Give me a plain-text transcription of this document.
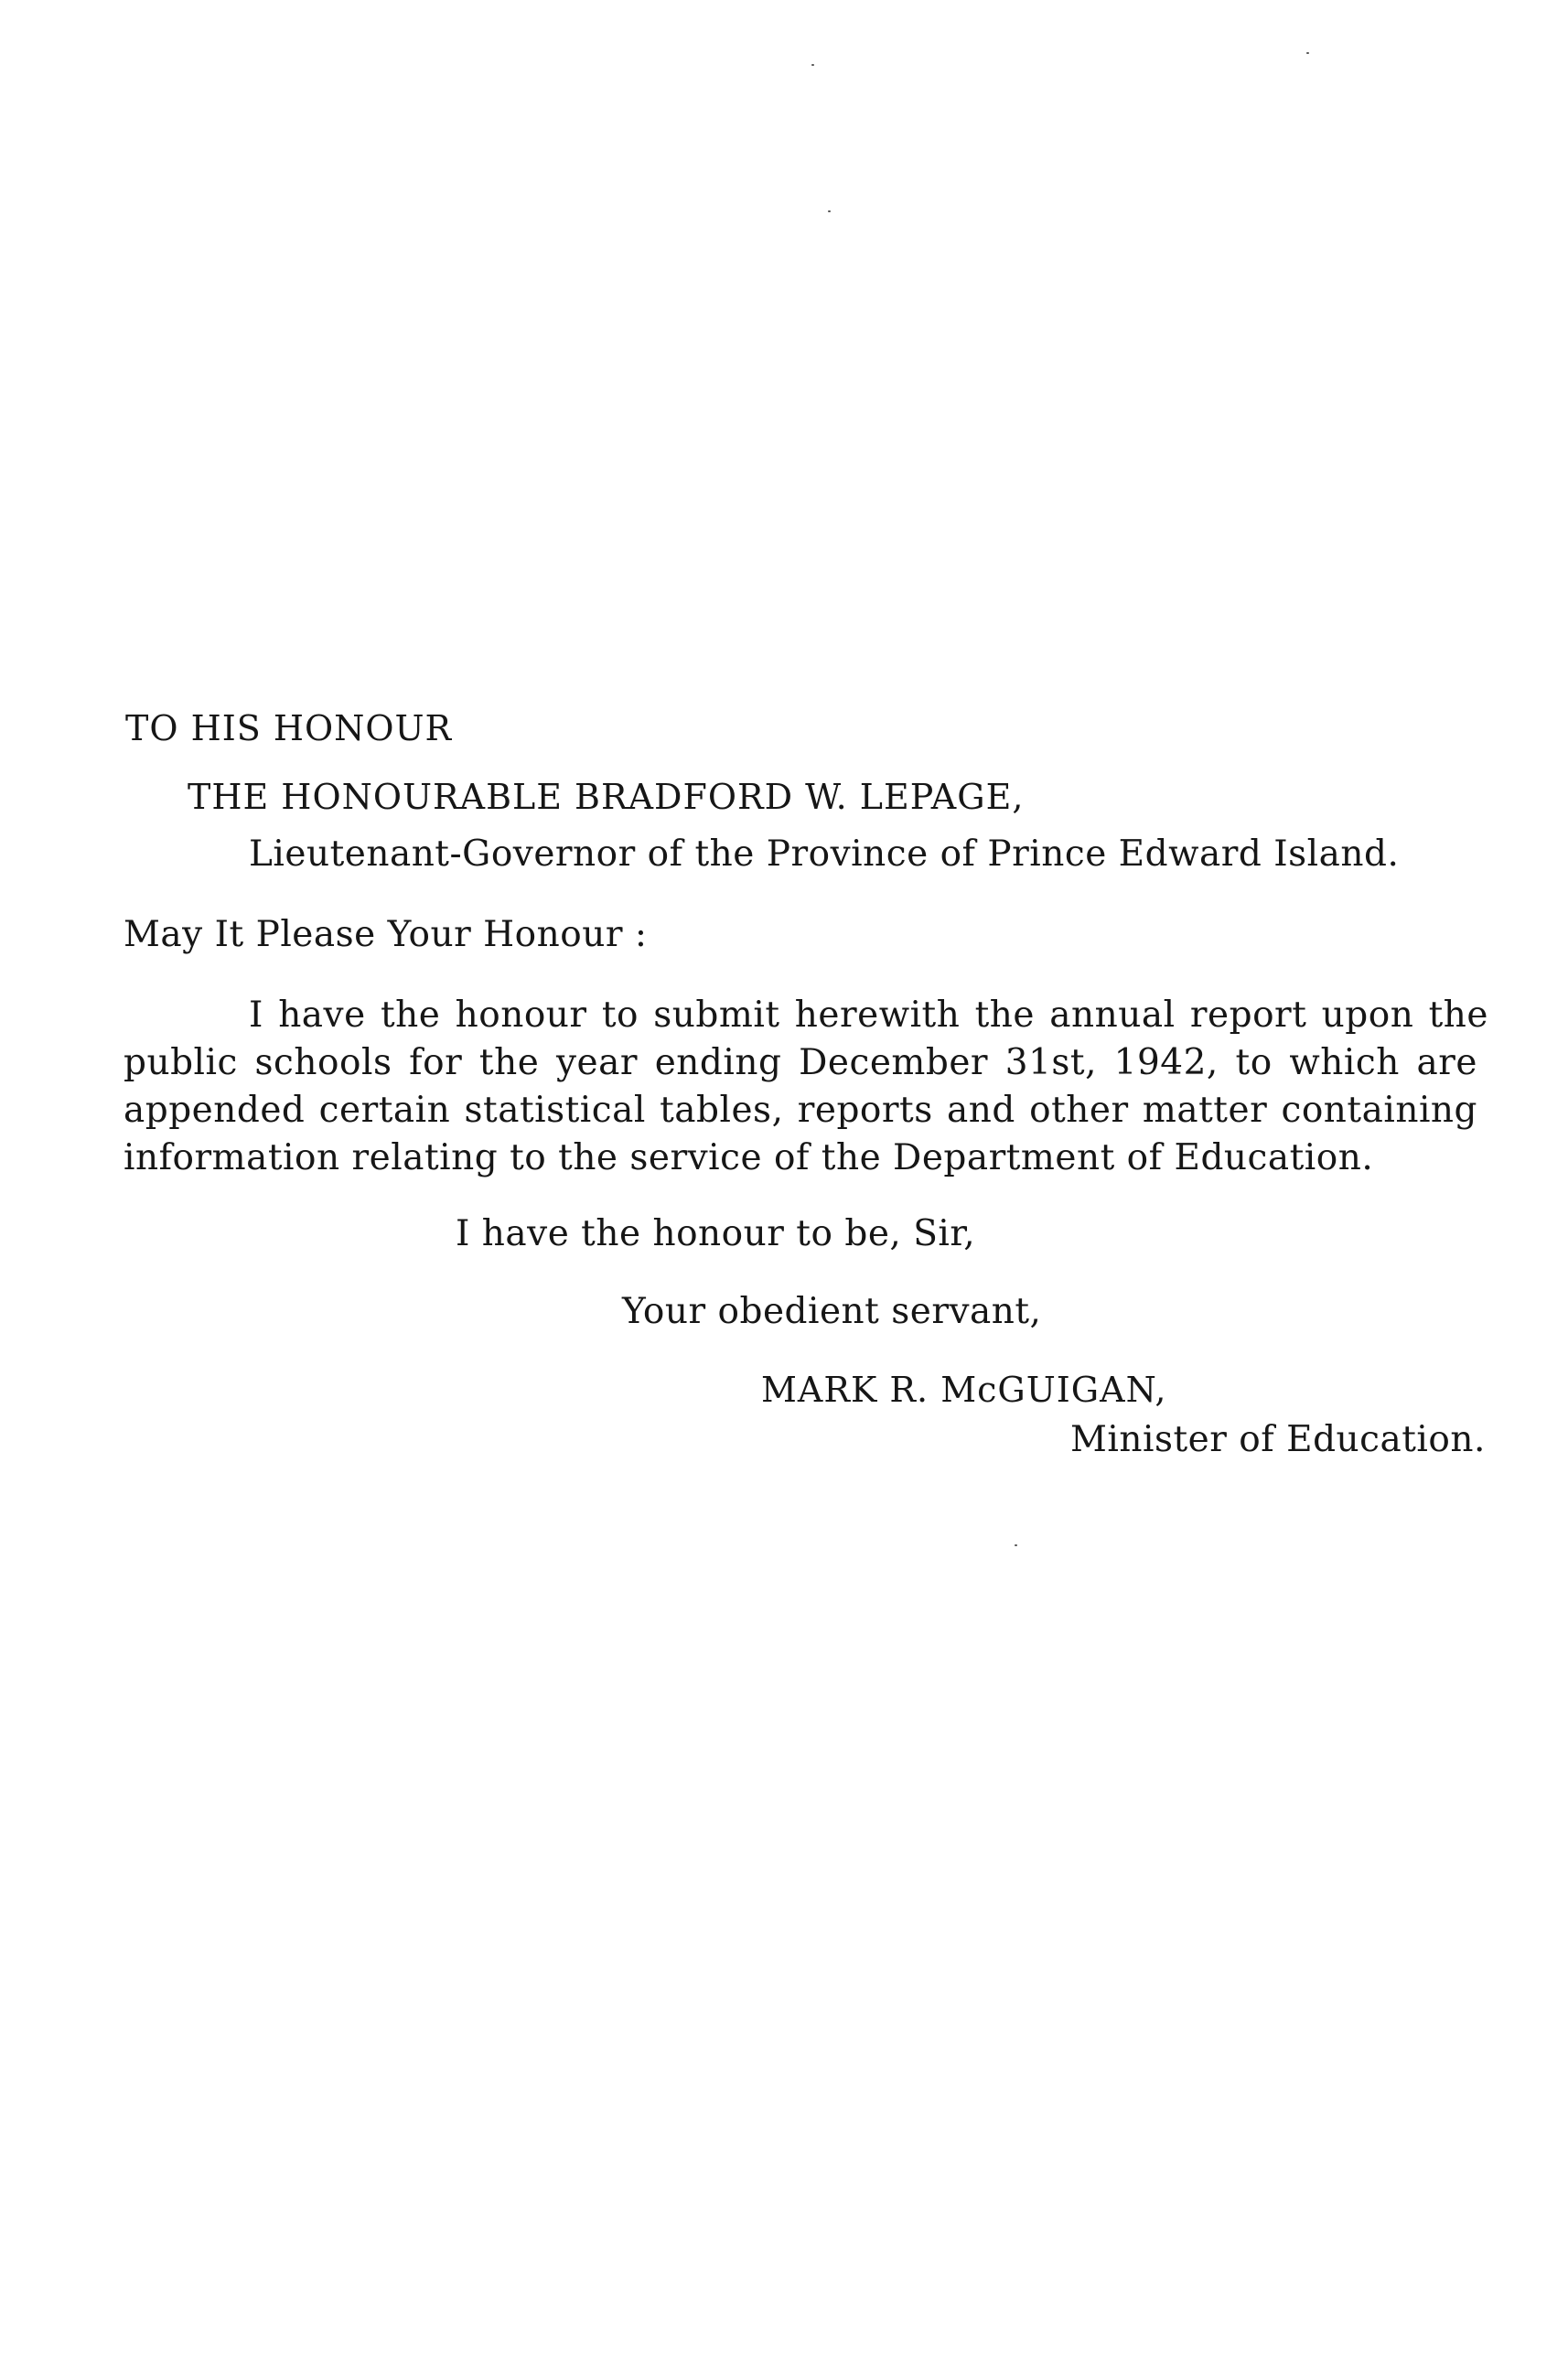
TO HIS HONOUR
THE HONOURABLE BRADFORD W. LEPAGE,
Lieutenant-Governor of the Province of Prince Edward Island.
May It Please Your Honour :
I have the honour to submit herewith the annual report upon the
public schools for the year ending December 31st, 1942, to which are
appended certain statistical tables, reports and other matter containing
information relating to the service of the Department of Education.
I have the honour to be, Sir,
Your obedient servant,
MARK R. McGUIGAN,
Minister of Education.
